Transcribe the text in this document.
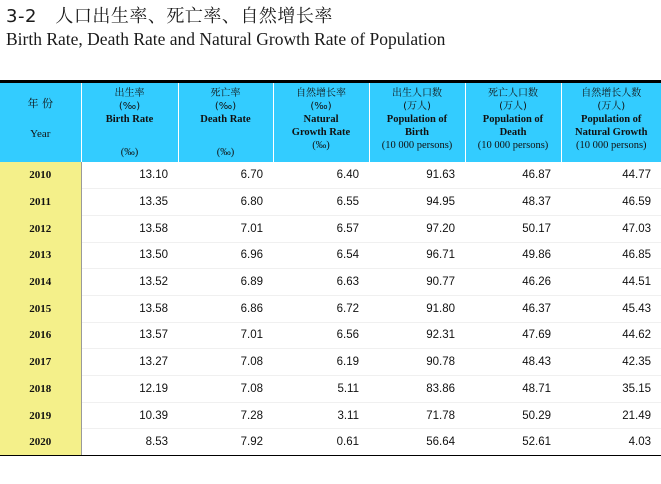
3-2　人口出生率、死亡率、自然增长率
Birth Rate, Death Rate and Natural Growth Rate of Population
年 份
Year	出生率
(‰)
Birth Rate
(‰)	死亡率
(‰)
Death Rate
(‰)	自然增长率
(‰)
Natural
Growth Rate
(‰)	出生人口数
(万人)
Population of
Birth
(10 000 persons)	死亡人口数
(万人)
Population of
Death
(10 000 persons)	自然增长人数
(万人)
Population of
Natural Growth
(10 000 persons)

2010	13.10	6.70	6.40	91.63	46.87	44.77
2011	13.35	6.80	6.55	94.95	48.37	46.59
2012	13.58	7.01	6.57	97.20	50.17	47.03
2013	13.50	6.96	6.54	96.71	49.86	46.85
2014	13.52	6.89	6.63	90.77	46.26	44.51
2015	13.58	6.86	6.72	91.80	46.37	45.43
2016	13.57	7.01	6.56	92.31	47.69	44.62
2017	13.27	7.08	6.19	90.78	48.43	42.35
2018	12.19	7.08	5.11	83.86	48.71	35.15
2019	10.39	7.28	3.11	71.78	50.29	21.49
2020	8.53	7.92	0.61	56.64	52.61	4.03
